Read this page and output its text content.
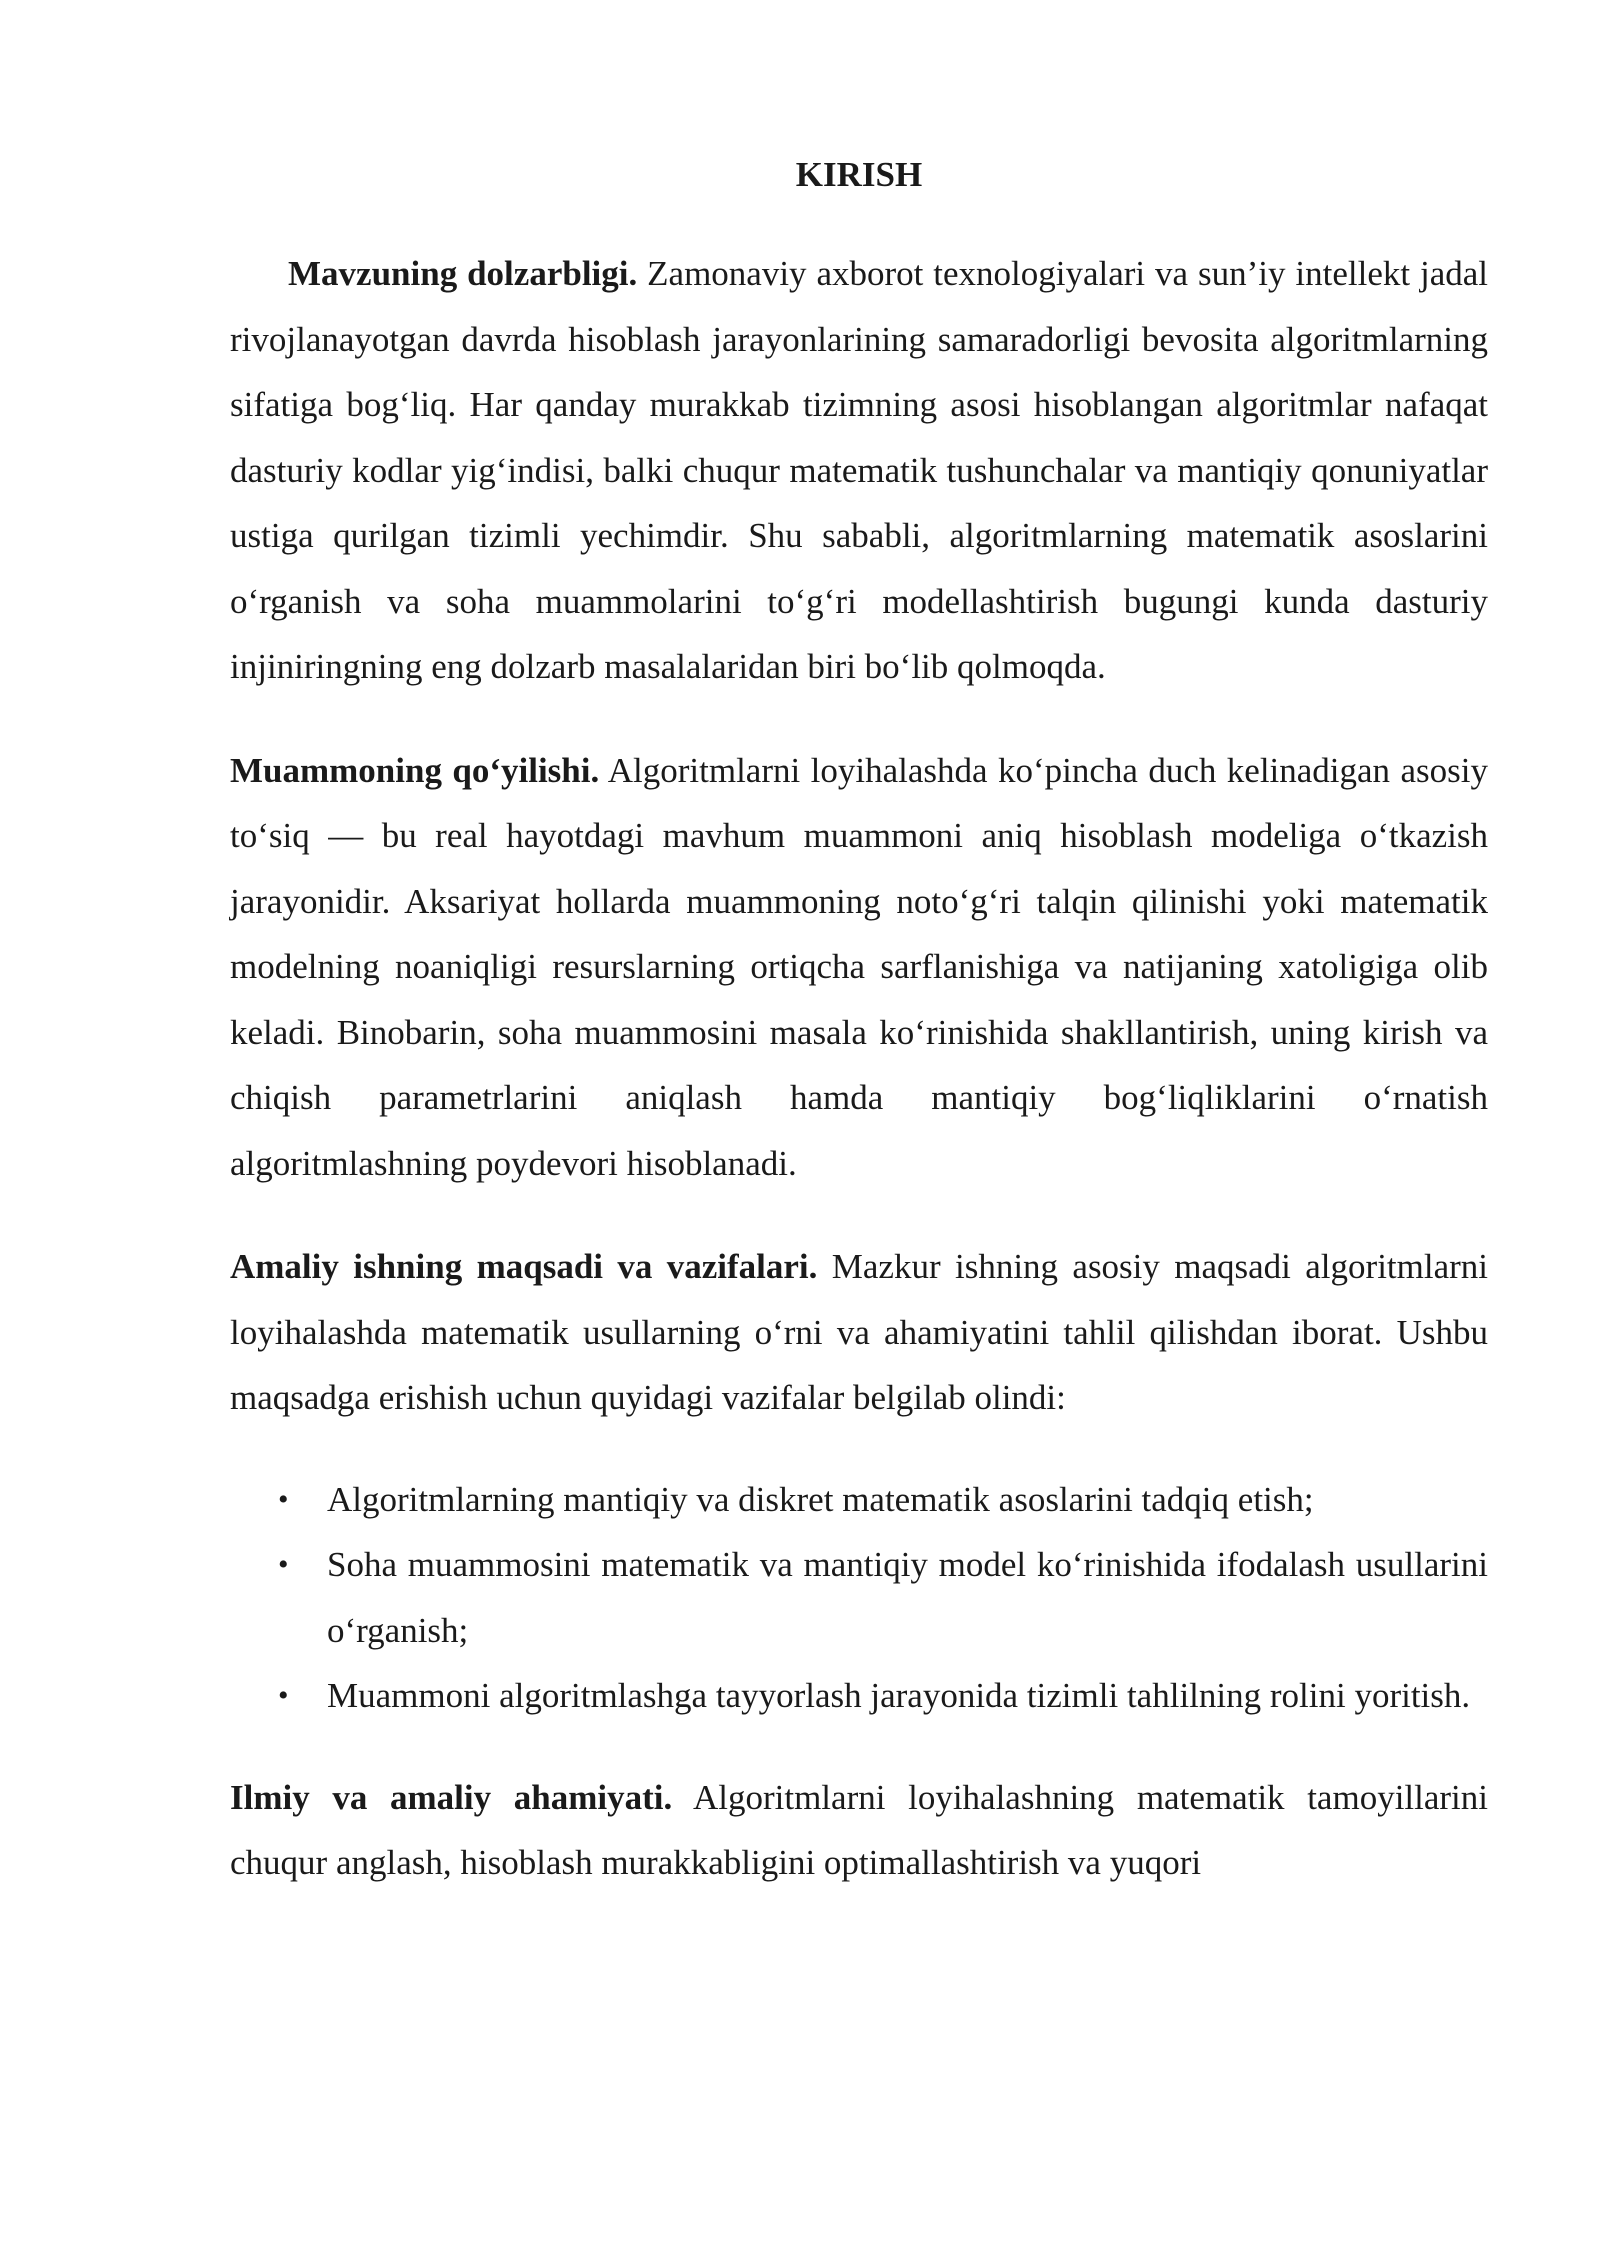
KIRISH

Mavzuning dolzarbligi. Zamonaviy axborot texnologiyalari va sun’iy intellekt jadal rivojlanayotgan davrda hisoblash jarayonlarining samaradorligi bevosita algoritmlarning sifatiga bog‘liq. Har qanday murakkab tizimning asosi hisoblangan algoritmlar nafaqat dasturiy kodlar yig‘indisi, balki chuqur matematik tushunchalar va mantiqiy qonuniyatlar ustiga qurilgan tizimli yechimdir. Shu sababli, algoritmlarning matematik asoslarini o‘rganish va soha muammolarini to‘g‘ri modellashtirish bugungi kunda dasturiy injiniringning eng dolzarb masalalaridan biri bo‘lib qolmoqda.

Muammoning qo‘yilishi. Algoritmlarni loyihalashda ko‘pincha duch kelinadigan asosiy to‘siq — bu real hayotdagi mavhum muammoni aniq hisoblash modeliga o‘tkazish jarayonidir. Aksariyat hollarda muammoning noto‘g‘ri talqin qilinishi yoki matematik modelning noaniqligi resurslarning ortiqcha sarflanishiga va natijaning xatoligiga olib keladi. Binobarin, soha muammosini masala ko‘rinishida shakllantirish, uning kirish va chiqish parametrlarini aniqlash hamda mantiqiy bog‘liqliklarini o‘rnatish algoritmlashning poydevori hisoblanadi.

Amaliy ishning maqsadi va vazifalari. Mazkur ishning asosiy maqsadi algoritmlarni loyihalashda matematik usullarning o‘rni va ahamiyatini tahlil qilishdan iborat. Ushbu maqsadga erishish uchun quyidagi vazifalar belgilab olindi:

• Algoritmlarning mantiqiy va diskret matematik asoslarini tadqiq etish;
• Soha muammosini matematik va mantiqiy model ko‘rinishida ifodalash usullarini o‘rganish;
• Muammoni algoritmlashga tayyorlash jarayonida tizimli tahlilning rolini yoritish.

Ilmiy va amaliy ahamiyati. Algoritmlarni loyihalashning matematik tamoyillarini chuqur anglash, hisoblash murakkabligini optimallashtirish va yuqori
